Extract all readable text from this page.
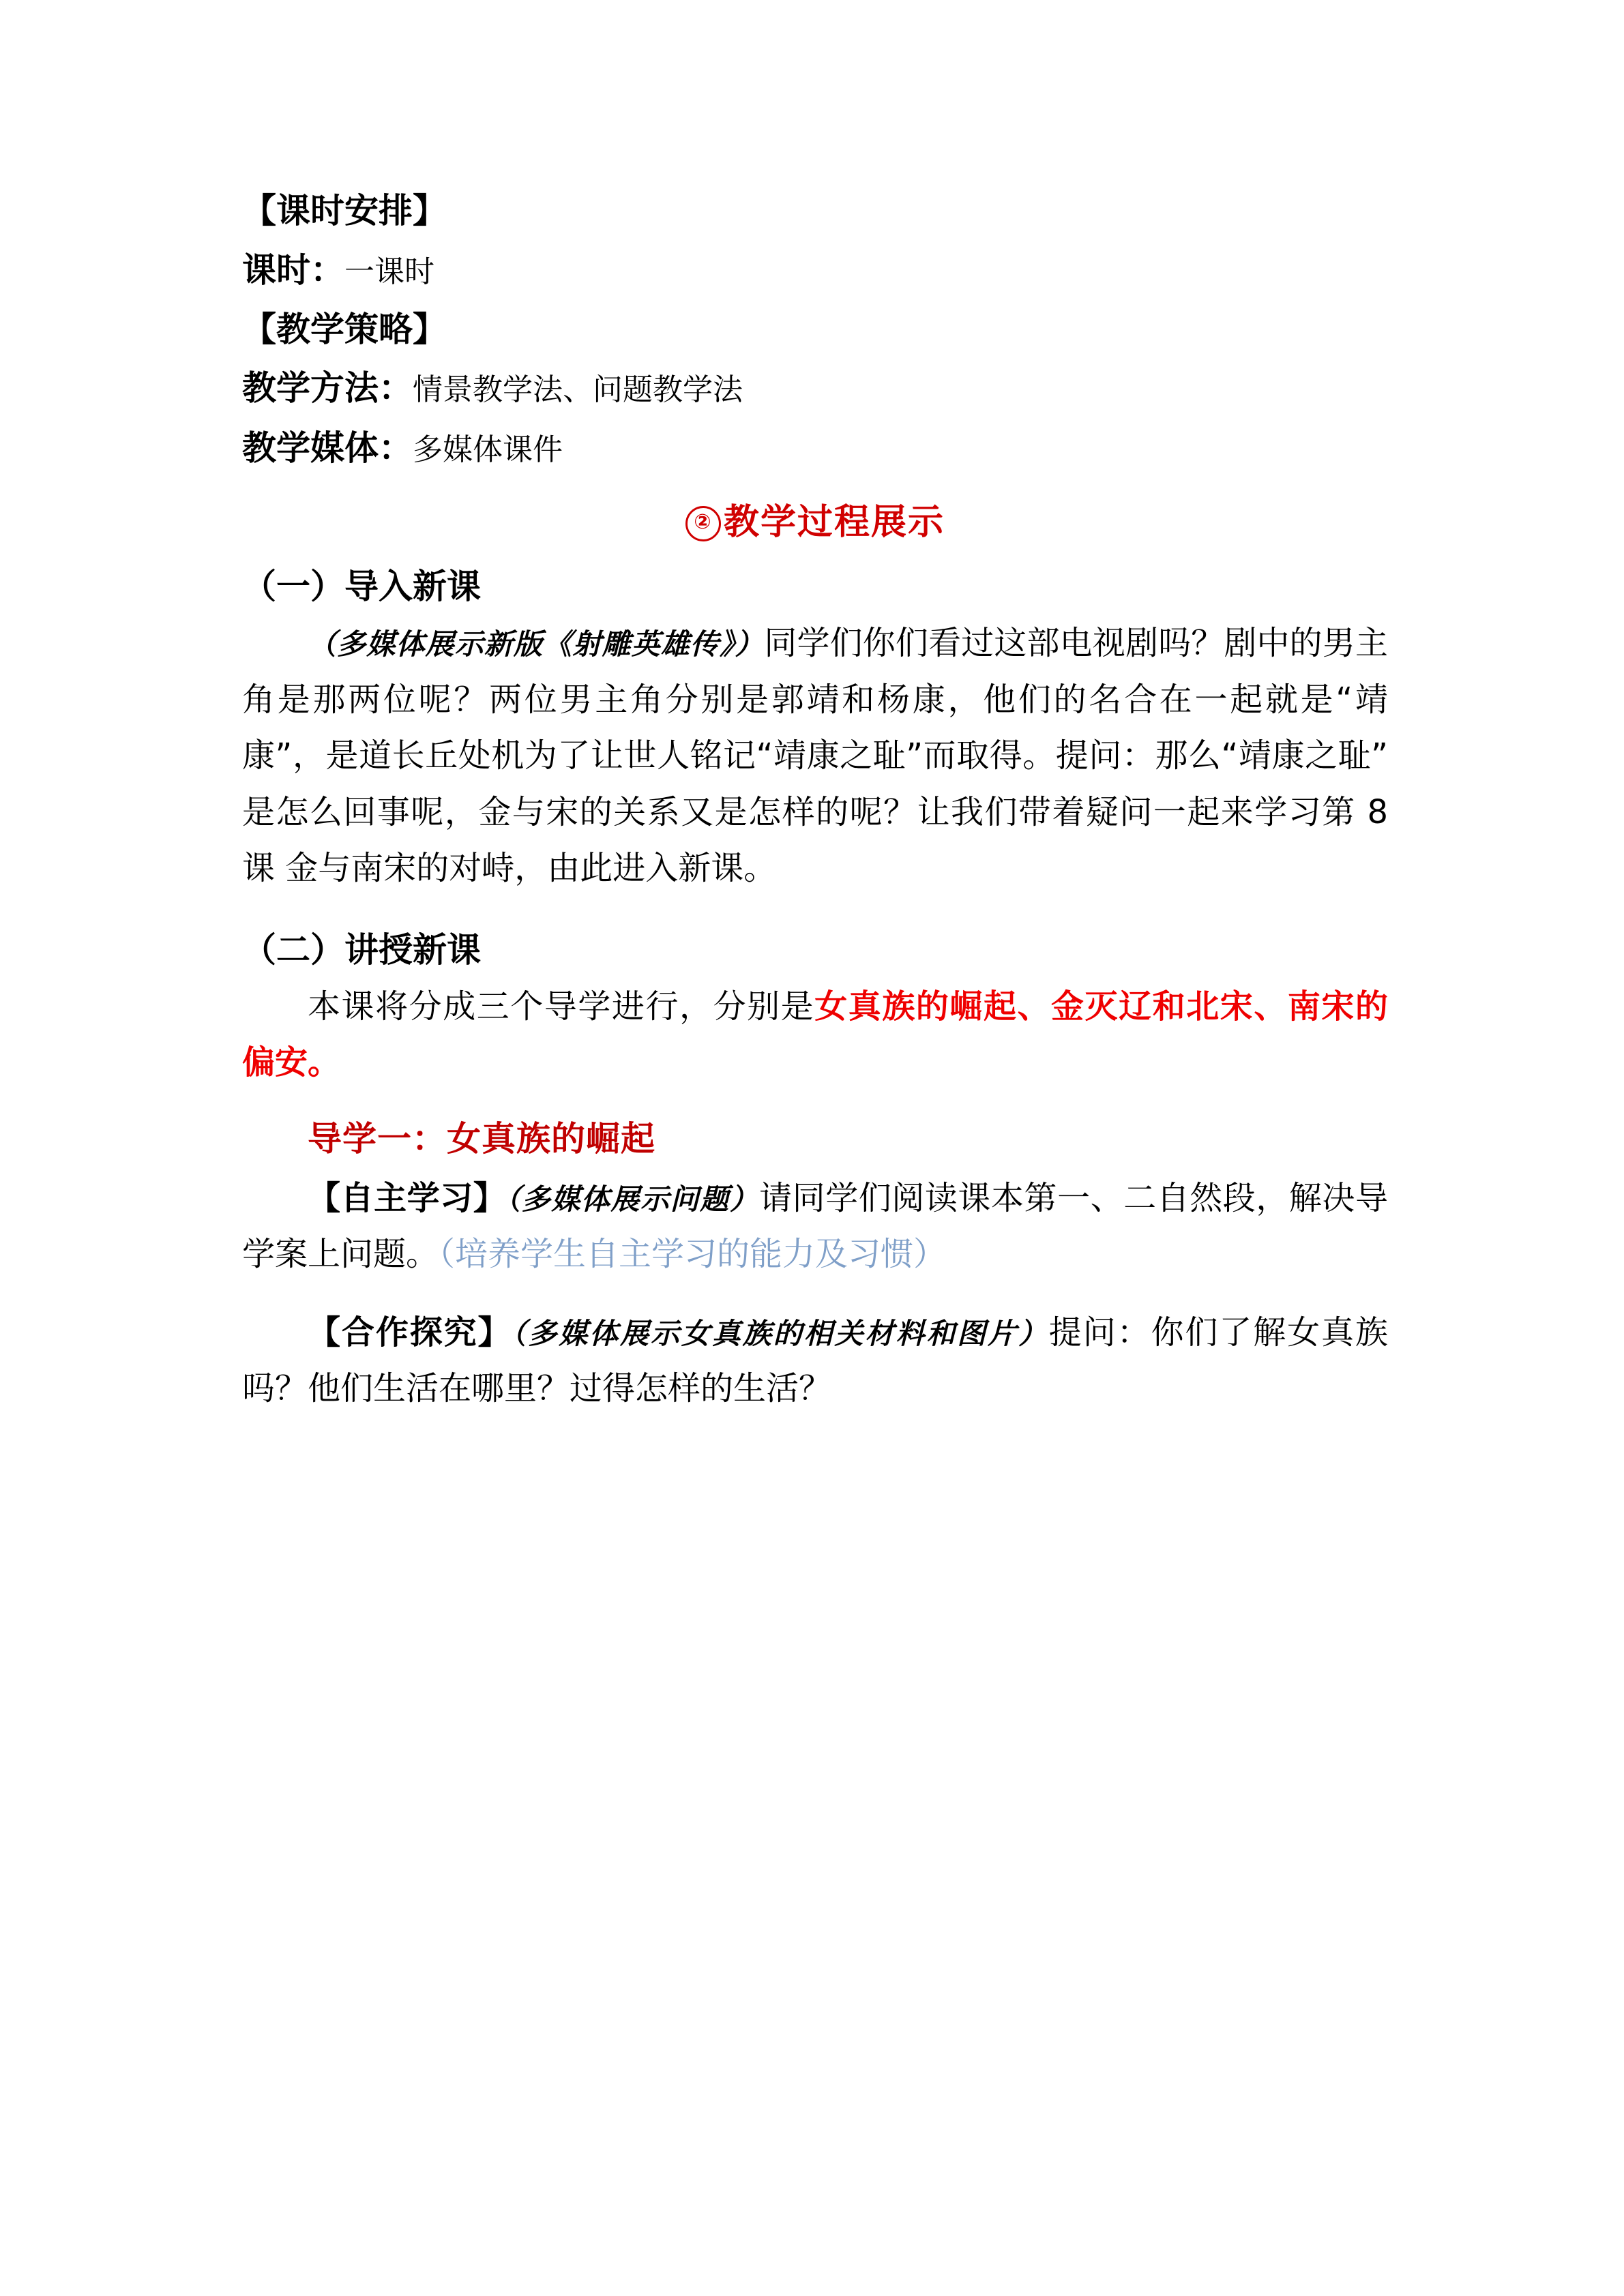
【课时安排】
课时：一课时
【教学策略】
教学方法：情景教学法、问题教学法
教学媒体：多媒体课件
② 教学过程展示
（一）导入新课
（多媒体展示新版《射雕英雄传》）同学们你们看过这部电视剧吗？剧中的男主角是那两位呢？两位男主角分别是郭靖和杨康，他们的名合在一起就是“靖康”，是道长丘处机为了让世人铭记“靖康之耻”而取得。提问：那么“靖康之耻”是怎么回事呢，金与宋的关系又是怎样的呢？让我们带着疑问一起来学习第 8 课 金与南宋的对峙，由此进入新课。
（二）讲授新课
本课将分成三个导学进行，分别是女真族的崛起、金灭辽和北宋、南宋的偏安。
导学一：女真族的崛起
【自主学习】（多媒体展示问题）请同学们阅读课本第一、二自然段，解决导学案上问题。（培养学生自主学习的能力及习惯）
【合作探究】（多媒体展示女真族的相关材料和图片）提问：你们了解女真族吗？他们生活在哪里？过得怎样的生活？
